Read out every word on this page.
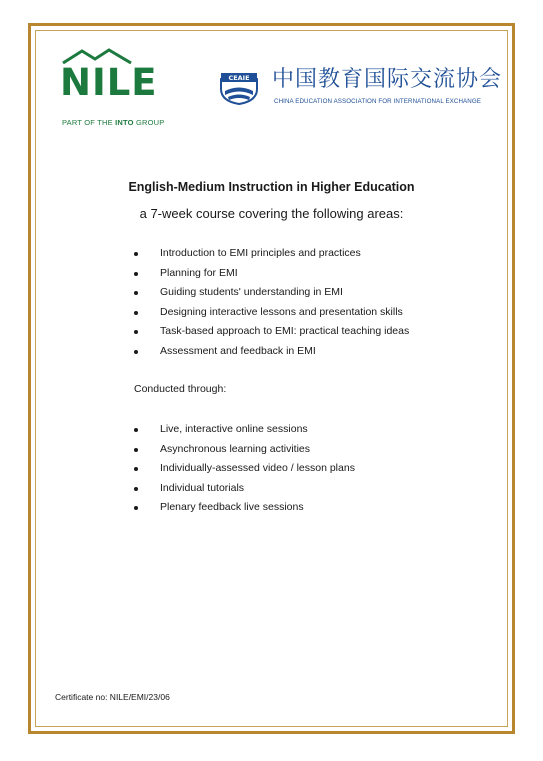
NILE
PART OF THE INTO GROUP
CEAIE 中国教育国际交流协会
CHINA EDUCATION ASSOCIATION FOR INTERNATIONAL EXCHANGE
English-Medium Instruction in Higher Education
a 7-week course covering the following areas:
Introduction to EMI principles and practices
Planning for EMI
Guiding students' understanding in EMI
Designing interactive lessons and presentation skills
Task-based approach to EMI: practical teaching ideas
Assessment and feedback in EMI
Conducted through:
Live, interactive online sessions
Asynchronous learning activities
Individually-assessed video / lesson plans
Individual tutorials
Plenary feedback live sessions
Certificate no: NILE/EMI/23/06
